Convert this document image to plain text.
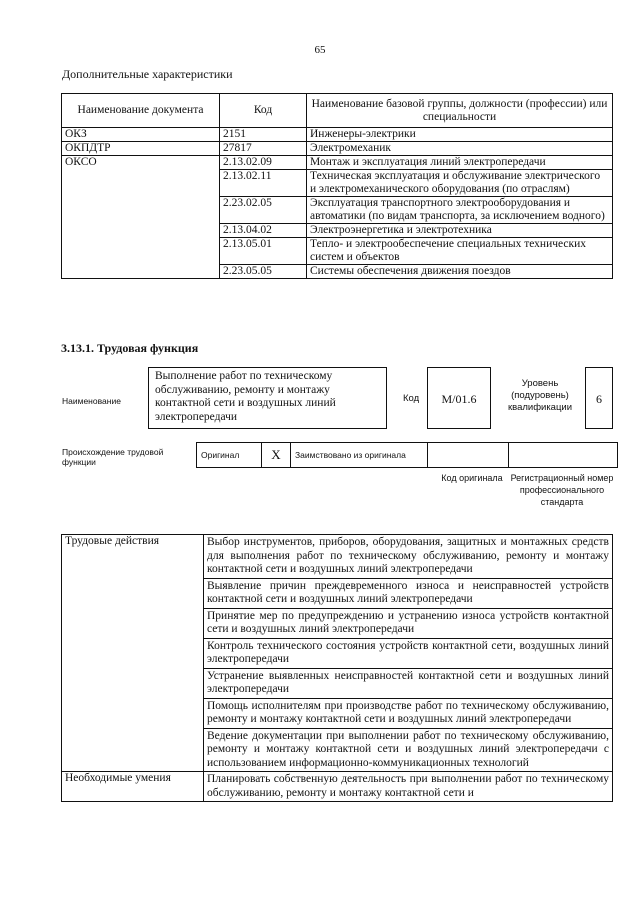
65
Дополнительные характеристики
Наименование документа	Код	Наименование базовой группы, должности (профессии) или специальности
ОКЗ	2151	Инженеры-электрики
ОКПДТР	27817	Электромеханик
ОКСО	2.13.02.09	Монтаж и эксплуатация линий электропередачи
	2.13.02.11	Техническая эксплуатация и обслуживание электрического и электромеханического оборудования (по отраслям)
	2.23.02.05	Эксплуатация транспортного электрооборудования и автоматики (по видам транспорта, за исключением водного)
	2.13.04.02	Электроэнергетика и электротехника
	2.13.05.01	Тепло- и электрообеспечение специальных технических систем и объектов
	2.23.05.05	Системы обеспечения движения поездов
3.13.1. Трудовая функция
Наименование
Выполнение работ по техническому обслуживанию, ремонту и монтажу контактной сети и воздушных линий электропередачи
Код	M/01.6
Уровень (подуровень) квалификации
6
Происхождение трудовой функции
Оригинал	X	Заимствовано из оригинала		
Код оригинала Регистрационный номер профессионального стандарта
Трудовые действия	Выбор инструментов, приборов, оборудования, защитных и монтажных средств для выполнения работ по техническому обслуживанию, ремонту и монтажу контактной сети и воздушных линий электропередачи
	Выявление причин преждевременного износа и неисправностей устройств контактной сети и воздушных линий электропередачи
	Принятие мер по предупреждению и устранению износа устройств контактной сети и воздушных линий электропередачи
	Контроль технического состояния устройств контактной сети, воздушных линий электропередачи
	Устранение выявленных неисправностей контактной сети и воздушных линий электропередачи
	Помощь исполнителям при производстве работ по техническому обслуживанию, ремонту и монтажу контактной сети и воздушных линий электропередачи
	Ведение документации при выполнении работ по техническому обслуживанию, ремонту и монтажу контактной сети и воздушных линий электропередачи с использованием информационно-коммуникационных технологий
Необходимые умения	Планировать собственную деятельность при выполнении работ по техническому обслуживанию, ремонту и монтажу контактной сети и
